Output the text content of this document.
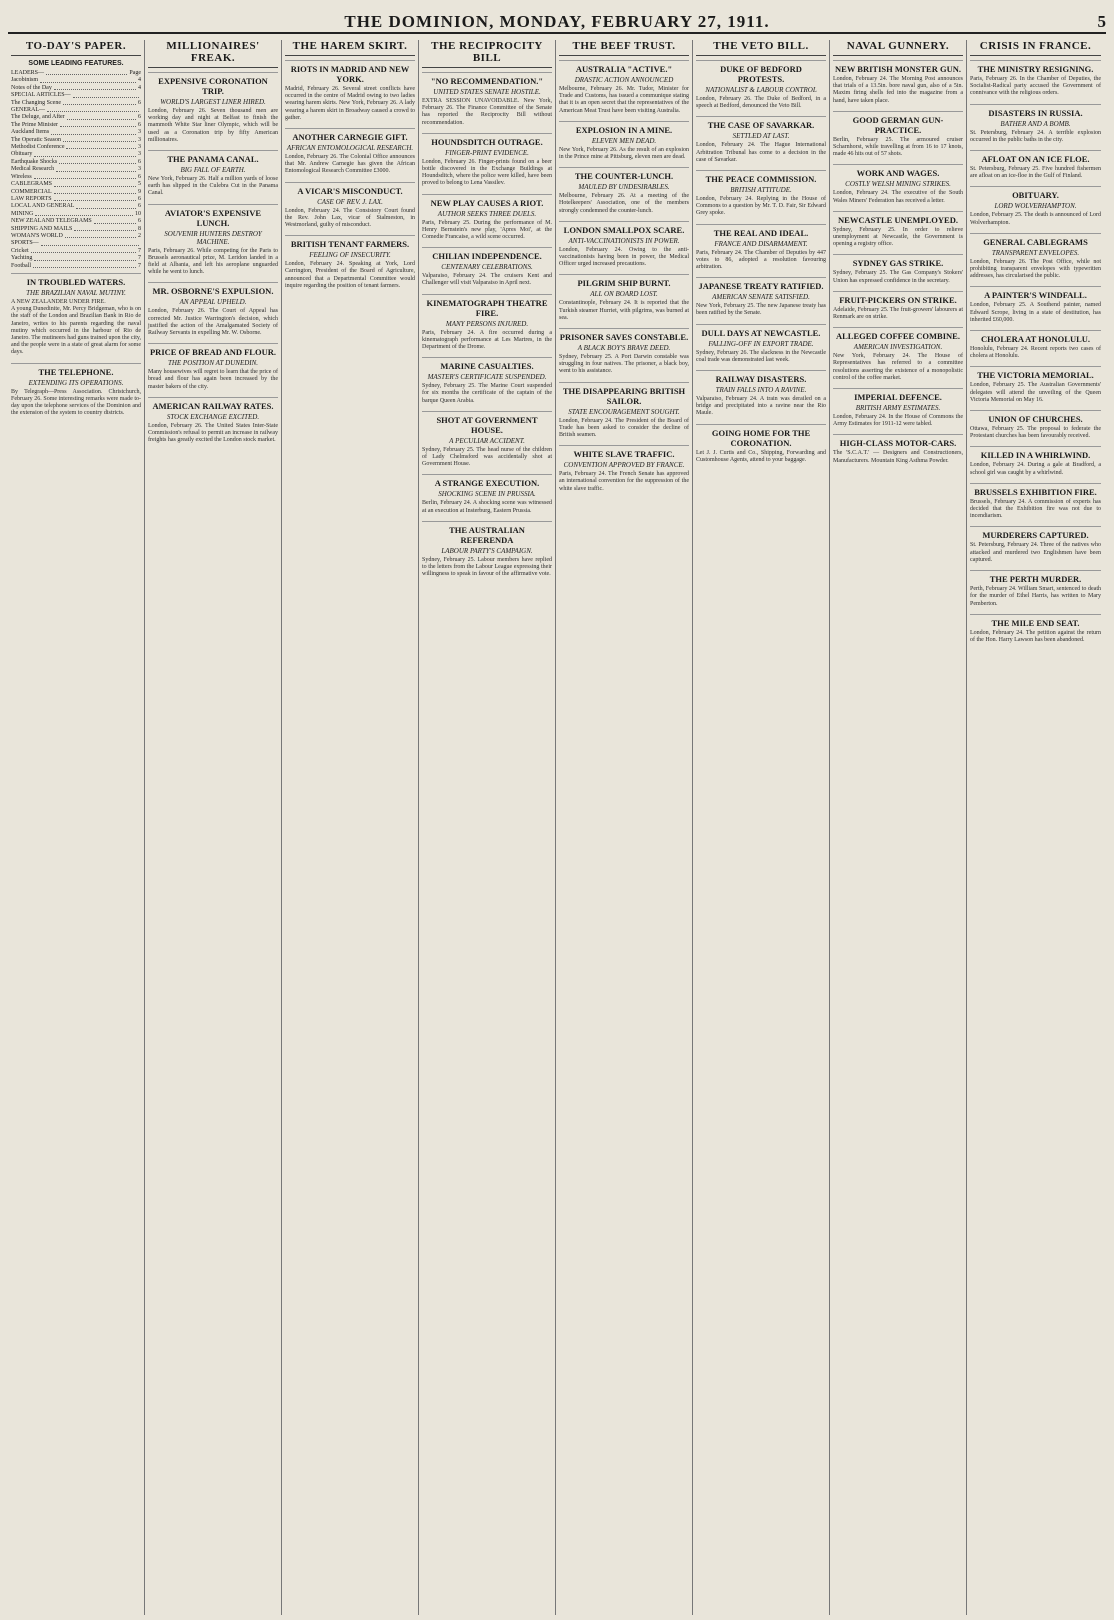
THE DOMINION, MONDAY, FEBRUARY 27, 1911.	5
TO-DAY'S PAPER.
SOME LEADING FEATURES.
LEADERS—	Page
Jacobinism	4
Notes of the Day	4
SPECIAL ARTICLES—
The Changing Scene	6
GENERAL—
The Deluge, and After	6
The Prime Minister	6
Auckland Items	3
The Operatic Season	3
Methodist Conference	3
Obituary	3
Earthquake Shocks	6
Medical Research	3
Wireless	6
CABLEGRAMS	5
COMMERCIAL	9
LAW REPORTS	6
LOCAL AND GENERAL	6
MINING	10
NEW ZEALAND TELEGRAMS	6
SHIPPING AND MAILS	8
WOMAN'S WORLD	2
SPORTS—
Cricket	7
Yachting	7
Football	7
IN TROUBLED WATERS.
THE BRAZILIAN NAVAL MUTINY.
A NEW ZEALANDER UNDER FIRE.
A young Dunedinite, Mr. Percy Bridgeman, who is on the staff of the London and Brazilian Bank in Rio de Janeiro, writes to his parents regarding the naval mutiny which occurred in the harbour of Rio de Janeiro. The mutineers had guns trained upon the city, and the people were in a state of great alarm for some days.
THE TELEPHONE.
EXTENDING ITS OPERATIONS.
By Telegraph—Press Association. Christchurch, February 26. Some interesting remarks were made to-day upon the telephone services of the Dominion and the extension of the system to country districts.
MILLIONAIRES' FREAK.
EXPENSIVE CORONATION TRIP.
WORLD'S LARGEST LINER HIRED.
London, February 26. Seven thousand men are working day and night at Belfast to finish the mammoth White Star liner Olympic, which will be used as a Coronation trip by fifty American millionaires.
THE PANAMA CANAL.
BIG FALL OF EARTH.
New York, February 26. Half a million yards of loose earth has slipped in the Culebra Cut in the Panama Canal.
AVIATOR'S EXPENSIVE LUNCH.
SOUVENIR HUNTERS DESTROY MACHINE.
Paris, February 26. While competing for the Paris to Brussels aeronautical prize, M. Leridon landed in a field at Albania, and left his aeroplane unguarded while he went to lunch.
MR. OSBORNE'S EXPULSION.
AN APPEAL UPHELD.
London, February 26. The Court of Appeal has corrected Mr. Justice Warrington's decision, which justified the action of the Amalgamated Society of Railway Servants in expelling Mr. W. Osborne.
PRICE OF BREAD AND FLOUR.
THE POSITION AT DUNEDIN.
Many housewives will regret to learn that the price of bread and flour has again been increased by the master bakers of the city.
AMERICAN RAILWAY RATES.
STOCK EXCHANGE EXCITED.
London, February 26. The United States Inter-State Commission's refusal to permit an increase in railway freights has greatly excited the London stock market.
THE HAREM SKIRT.
RIOTS IN MADRID AND NEW YORK.
Madrid, February 26. Several street conflicts have occurred in the centre of Madrid owing to two ladies wearing harem skirts. New York, February 26. A lady wearing a harem skirt in Broadway caused a crowd to gather.
ANOTHER CARNEGIE GIFT.
AFRICAN ENTOMOLOGICAL RESEARCH.
London, February 26. The Colonial Office announces that Mr. Andrew Carnegie has given the African Entomological Research Committee £3000.
A VICAR'S MISCONDUCT.
CASE OF REV. J. LAX.
London, February 24. The Consistory Court found the Rev. John Lax, vicar of Stalmeston, in Westmorland, guilty of misconduct.
BRITISH TENANT FARMERS.
FEELING OF INSECURITY.
London, February 24. Speaking at York, Lord Carrington, President of the Board of Agriculture, announced that a Departmental Committee would inquire regarding the position of tenant farmers.
THE RECIPROCITY BILL
"NO RECOMMENDATION."
UNITED STATES SENATE HOSTILE.
EXTRA SESSION UNAVOIDABLE. New York, February 26. The Finance Committee of the Senate has reported the Reciprocity Bill without recommendation.
HOUNDSDITCH OUTRAGE.
FINGER-PRINT EVIDENCE.
London, February 26. Finger-prints found on a beer bottle discovered in the Exchange Buildings at Houndsditch, where the police were killed, have been proved to belong to Lena Vassilev.
NEW PLAY CAUSES A RIOT.
AUTHOR SEEKS THREE DUELS.
Paris, February 25. During the performance of M. Henry Bernstein's new play, 'Apres Moi', at the Comedie Francaise, a wild scene occurred.
CHILIAN INDEPENDENCE.
CENTENARY CELEBRATIONS.
Valparaiso, February 24. The cruisers Kent and Challenger will visit Valparaiso in April next.
KINEMATOGRAPH THEATRE FIRE.
MANY PERSONS INJURED.
Paris, February 24. A fire occurred during a kinematograph performance at Les Martres, in the Department of the Drome.
MARINE CASUALTIES.
MASTER'S CERTIFICATE SUSPENDED.
Sydney, February 25. The Marine Court suspended for six months the certificate of the captain of the barque Queen Arabia.
SHOT AT GOVERNMENT HOUSE.
A PECULIAR ACCIDENT.
Sydney, February 25. The head nurse of the children of Lady Chelmsford was accidentally shot at Government House.
A STRANGE EXECUTION.
SHOCKING SCENE IN PRUSSIA.
Berlin, February 24. A shocking scene was witnessed at an execution at Insterburg, Eastern Prussia.
THE AUSTRALIAN REFERENDA
LABOUR PARTY'S CAMPAIGN.
Sydney, February 25. Labour members have replied to the letters from the Labour League expressing their willingness to speak in favour of the affirmative vote.
THE BEEF TRUST.
AUSTRALIA "ACTIVE."
DRASTIC ACTION ANNOUNCED
Melbourne, February 26. Mr. Tudor, Minister for Trade and Customs, has issued a communique stating that it is an open secret that the representatives of the American Meat Trust have been visiting Australia.
EXPLOSION IN A MINE.
ELEVEN MEN DEAD.
New York, February 26. As the result of an explosion in the Prince mine at Pittsburg, eleven men are dead.
THE COUNTER-LUNCH.
MAULED BY UNDESIRABLES.
Melbourne, February 26. At a meeting of the Hotelkeepers' Association, one of the members strongly condemned the counter-lunch.
LONDON SMALLPOX SCARE.
ANTI-VACCINATIONISTS IN POWER.
London, February 24. Owing to the anti-vaccinationists having been in power, the Medical Officer urged increased precautions.
PILGRIM SHIP BURNT.
ALL ON BOARD LOST.
Constantinople, February 24. It is reported that the Turkish steamer Hurriet, with pilgrims, was burned at sea.
PRISONER SAVES CONSTABLE.
A BLACK BOY'S BRAVE DEED.
Sydney, February 25. A Port Darwin constable was struggling in four natives. The prisoner, a black boy, went to his assistance.
THE DISAPPEARING BRITISH SAILOR.
STATE ENCOURAGEMENT SOUGHT.
London, February 24. The President of the Board of Trade has been asked to consider the decline of British seamen.
WHITE SLAVE TRAFFIC.
CONVENTION APPROVED BY FRANCE.
Paris, February 24. The French Senate has approved an international convention for the suppression of the white slave traffic.
THE VETO BILL.
DUKE OF BEDFORD PROTESTS.
NATIONALIST & LABOUR CONTROL
London, February 26. The Duke of Bedford, in a speech at Bedford, denounced the Veto Bill.
THE CASE OF SAVARKAR.
SETTLED AT LAST.
London, February 24. The Hague International Arbitration Tribunal has come to a decision in the case of Savarkar.
THE PEACE COMMISSION.
BRITISH ATTITUDE.
London, February 24. Replying in the House of Commons to a question by Mr. T. D. Fair, Sir Edward Grey spoke.
THE REAL AND IDEAL.
FRANCE AND DISARMAMENT.
Paris, February 24. The Chamber of Deputies by 447 votes to 86, adopted a resolution favouring arbitration.
JAPANESE TREATY RATIFIED.
AMERICAN SENATE SATISFIED.
New York, February 25. The new Japanese treaty has been ratified by the Senate.
DULL DAYS AT NEWCASTLE.
FALLING-OFF IN EXPORT TRADE.
Sydney, February 26. The slackness in the Newcastle coal trade was demonstrated last week.
RAILWAY DISASTERS.
TRAIN FALLS INTO A RAVINE.
Valparaiso, February 24. A train was derailed on a bridge and precipitated into a ravine near the Rio Maule.
GOING HOME FOR THE CORONATION.
Let J. J. Curtis and Co., Shipping, Forwarding and Customhouse Agents, attend to your baggage.
NAVAL GUNNERY.
NEW BRITISH MONSTER GUN.
London, February 24. The Morning Post announces that trials of a 13.5in. bore naval gun, also of a 5in. Maxim firing shells fed into the magazine from a hand, have taken place.
GOOD GERMAN GUN-PRACTICE.
Berlin, February 25. The armoured cruiser Scharnhorst, while travelling at from 16 to 17 knots, made 46 hits out of 57 shots.
WORK AND WAGES.
COSTLY WELSH MINING STRIKES.
London, February 24. The executive of the South Wales Miners' Federation has received a letter.
NEWCASTLE UNEMPLOYED.
Sydney, February 25. In order to relieve unemployment at Newcastle, the Government is opening a registry office.
SYDNEY GAS STRIKE.
Sydney, February 25. The Gas Company's Stokers' Union has expressed confidence in the secretary.
FRUIT-PICKERS ON STRIKE.
Adelaide, February 25. The fruit-growers' labourers at Renmark are on strike.
ALLEGED COFFEE COMBINE.
AMERICAN INVESTIGATION.
New York, February 24. The House of Representatives has referred to a committee resolutions asserting the existence of a monopolistic control of the coffee market.
IMPERIAL DEFENCE.
BRITISH ARMY ESTIMATES.
London, February 24. In the House of Commons the Army Estimates for 1911-12 were tabled.
HIGH-CLASS MOTOR-CARS.
The 'S.C.A.T.' — Designers and Constructioners, Manufacturers. Mountain King Asthma Powder.
CRISIS IN FRANCE.
THE MINISTRY RESIGNING.
Paris, February 26. In the Chamber of Deputies, the Socialist-Radical party accused the Government of connivance with the religious orders.
DISASTERS IN RUSSIA.
BATHER AND A BOMB.
St. Petersburg, February 24. A terrible explosion occurred in the public baths in the city.
AFLOAT ON AN ICE FLOE.
St. Petersburg, February 25. Five hundred fishermen are afloat on an ice-floe in the Gulf of Finland.
OBITUARY.
LORD WOLVERHAMPTON.
London, February 25. The death is announced of Lord Wolverhampton.
GENERAL CABLEGRAMS
TRANSPARENT ENVELOPES.
London, February 26. The Post Office, while not prohibiting transparent envelopes with typewritten addresses, has circularised the public.
A PAINTER'S WINDFALL.
London, February 25. A Southend painter, named Edward Scrope, living in a state of destitution, has inherited £60,000.
CHOLERA AT HONOLULU.
Honolulu, February 24. Recent reports two cases of cholera at Honolulu.
THE VICTORIA MEMORIAL.
London, February 25. The Australian Governments' delegates will attend the unveiling of the Queen Victoria Memorial on May 16.
UNION OF CHURCHES.
Ottawa, February 25. The proposal to federate the Protestant churches has been favourably received.
KILLED IN A WHIRLWIND.
London, February 24. During a gale at Bradford, a school girl was caught by a whirlwind.
BRUSSELS EXHIBITION FIRE.
Brussels, February 24. A commission of experts has decided that the Exhibition fire was not due to incendiarism.
MURDERERS CAPTURED.
St. Petersburg, February 24. Three of the natives who attacked and murdered two Englishmen have been captured.
THE PERTH MURDER.
Perth, February 24. William Smart, sentenced to death for the murder of Ethel Harris, has written to Mary Pemberton.
THE MILE END SEAT.
London, February 24. The petition against the return of the Hon. Harry Lawson has been abandoned.
